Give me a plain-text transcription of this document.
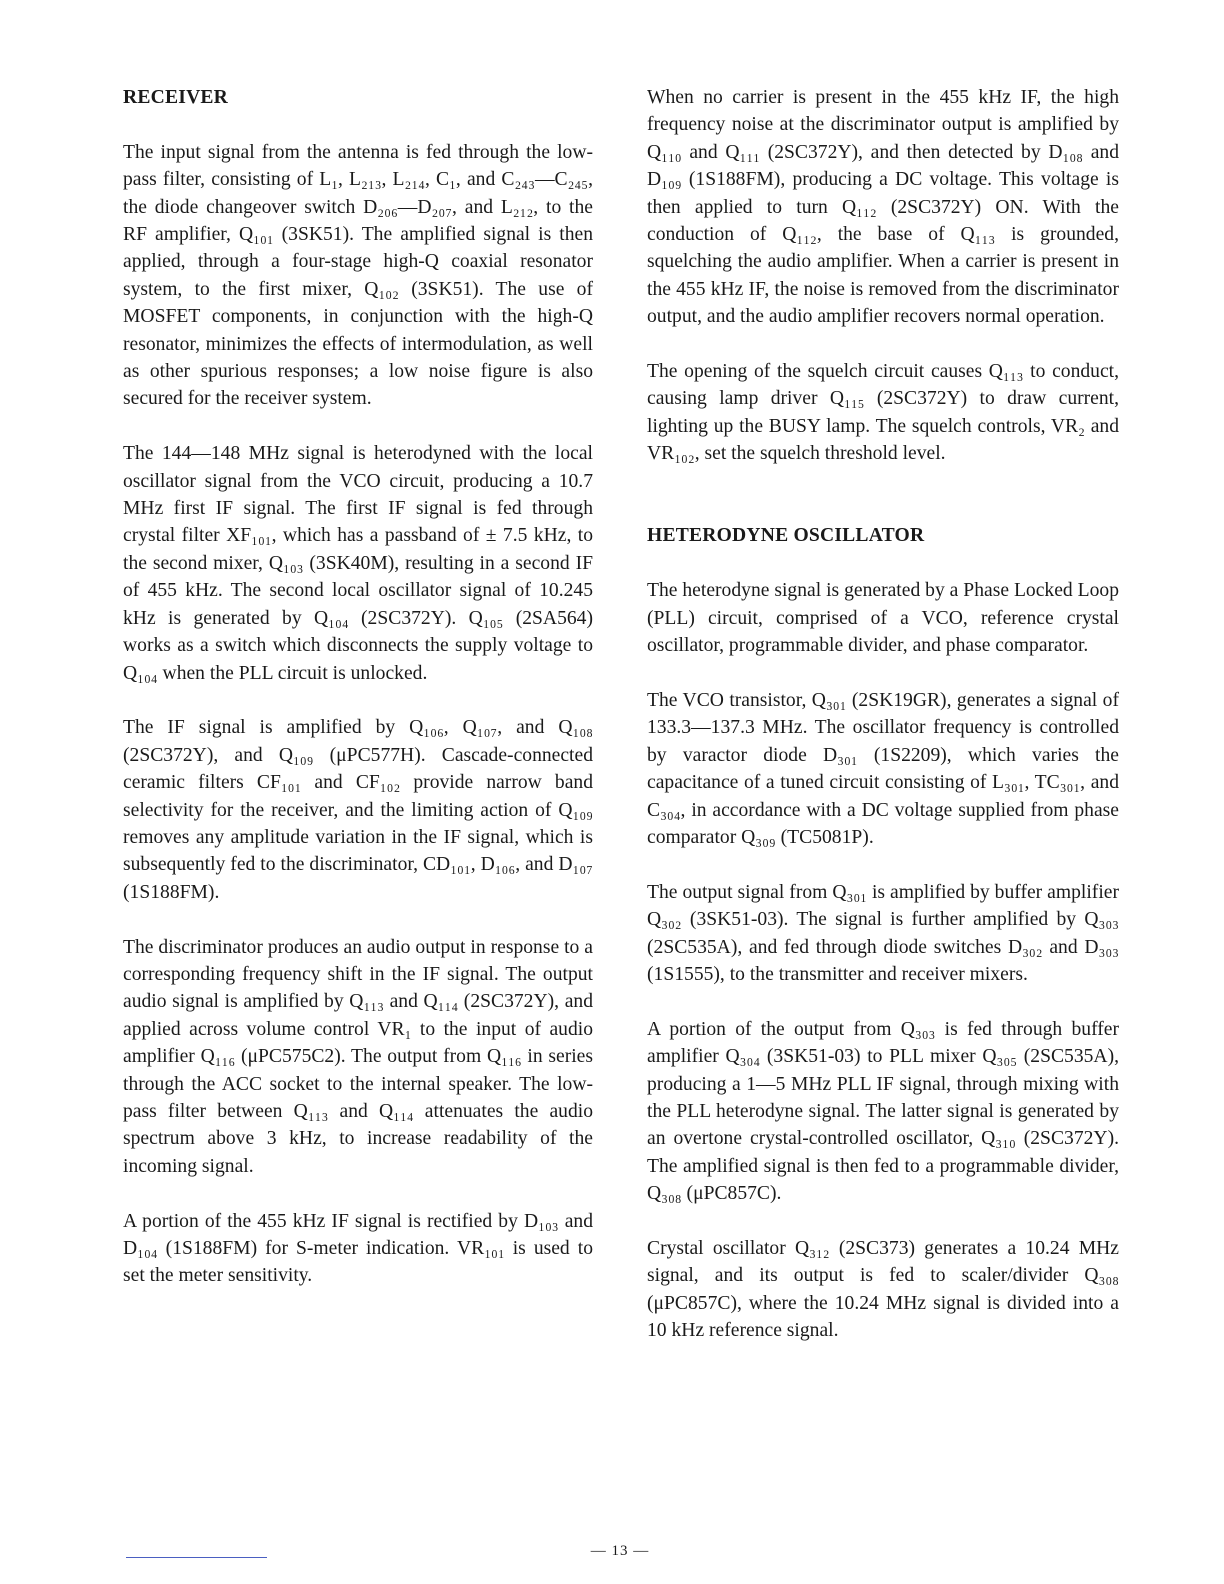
RECEIVER

The input signal from the antenna is fed through the low-pass filter, consisting of L₁, L₂₁₃, L₂₁₄, C₁, and C₂₄₃—C₂₄₅, the diode changeover switch D₂₀₆—D₂₀₇, and L₂₁₂, to the RF amplifier, Q₁₀₁ (3SK51). The amplified signal is then applied, through a four-stage high-Q coaxial resonator system, to the first mixer, Q₁₀₂ (3SK51). The use of MOSFET components, in conjunction with the high-Q resonator, minimizes the effects of intermodulation, as well as other spurious responses; a low noise figure is also secured for the receiver system.

The 144—148 MHz signal is heterodyned with the local oscillator signal from the VCO circuit, producing a 10.7 MHz first IF signal. The first IF signal is fed through crystal filter XF₁₀₁, which has a passband of ± 7.5 kHz, to the second mixer, Q₁₀₃ (3SK40M), resulting in a second IF of 455 kHz. The second local oscillator signal of 10.245 kHz is generated by Q₁₀₄ (2SC372Y). Q₁₀₅ (2SA564) works as a switch which disconnects the supply voltage to Q₁₀₄ when the PLL circuit is unlocked.

The IF signal is amplified by Q₁₀₆, Q₁₀₇, and Q₁₀₈ (2SC372Y), and Q₁₀₉ (μPC577H). Cascade-connected ceramic filters CF₁₀₁ and CF₁₀₂ provide narrow band selectivity for the receiver, and the limiting action of Q₁₀₉ removes any amplitude variation in the IF signal, which is subsequently fed to the discriminator, CD₁₀₁, D₁₀₆, and D₁₀₇ (1S188FM).

The discriminator produces an audio output in response to a corresponding frequency shift in the IF signal. The output audio signal is amplified by Q₁₁₃ and Q₁₁₄ (2SC372Y), and applied across volume control VR₁ to the input of audio amplifier Q₁₁₆ (μPC575C2). The output from Q₁₁₆ in series through the ACC socket to the internal speaker. The low-pass filter between Q₁₁₃ and Q₁₁₄ attenuates the audio spectrum above 3 kHz, to increase readability of the incoming signal.

A portion of the 455 kHz IF signal is rectified by D₁₀₃ and D₁₀₄ (1S188FM) for S-meter indication. VR₁₀₁ is used to set the meter sensitivity.

When no carrier is present in the 455 kHz IF, the high frequency noise at the discriminator output is amplified by Q₁₁₀ and Q₁₁₁ (2SC372Y), and then detected by D₁₀₈ and D₁₀₉ (1S188FM), producing a DC voltage. This voltage is then applied to turn Q₁₁₂ (2SC372Y) ON. With the conduction of Q₁₁₂, the base of Q₁₁₃ is grounded, squelching the audio amplifier. When a carrier is present in the 455 kHz IF, the noise is removed from the discriminator output, and the audio amplifier recovers normal operation.

The opening of the squelch circuit causes Q₁₁₃ to conduct, causing lamp driver Q₁₁₅ (2SC372Y) to draw current, lighting up the BUSY lamp. The squelch controls, VR₂ and VR₁₀₂, set the squelch threshold level.

HETERODYNE OSCILLATOR

The heterodyne signal is generated by a Phase Locked Loop (PLL) circuit, comprised of a VCO, reference crystal oscillator, programmable divider, and phase comparator.

The VCO transistor, Q₃₀₁ (2SK19GR), generates a signal of 133.3—137.3 MHz. The oscillator frequency is controlled by varactor diode D₃₀₁ (1S2209), which varies the capacitance of a tuned circuit consisting of L₃₀₁, TC₃₀₁, and C₃₀₄, in accordance with a DC voltage supplied from phase comparator Q₃₀₉ (TC5081P).

The output signal from Q₃₀₁ is amplified by buffer amplifier Q₃₀₂ (3SK51-03). The signal is further amplified by Q₃₀₃ (2SC535A), and fed through diode switches D₃₀₂ and D₃₀₃ (1S1555), to the transmitter and receiver mixers.

A portion of the output from Q₃₀₃ is fed through buffer amplifier Q₃₀₄ (3SK51-03) to PLL mixer Q₃₀₅ (2SC535A), producing a 1—5 MHz PLL IF signal, through mixing with the PLL heterodyne signal. The latter signal is generated by an overtone crystal-controlled oscillator, Q₃₁₀ (2SC372Y). The amplified signal is then fed to a programmable divider, Q₃₀₈ (μPC857C).

Crystal oscillator Q₃₁₂ (2SC373) generates a 10.24 MHz signal, and its output is fed to scaler/divider Q₃₀₈ (μPC857C), where the 10.24 MHz signal is divided into a 10 kHz reference signal.

— 13 —
